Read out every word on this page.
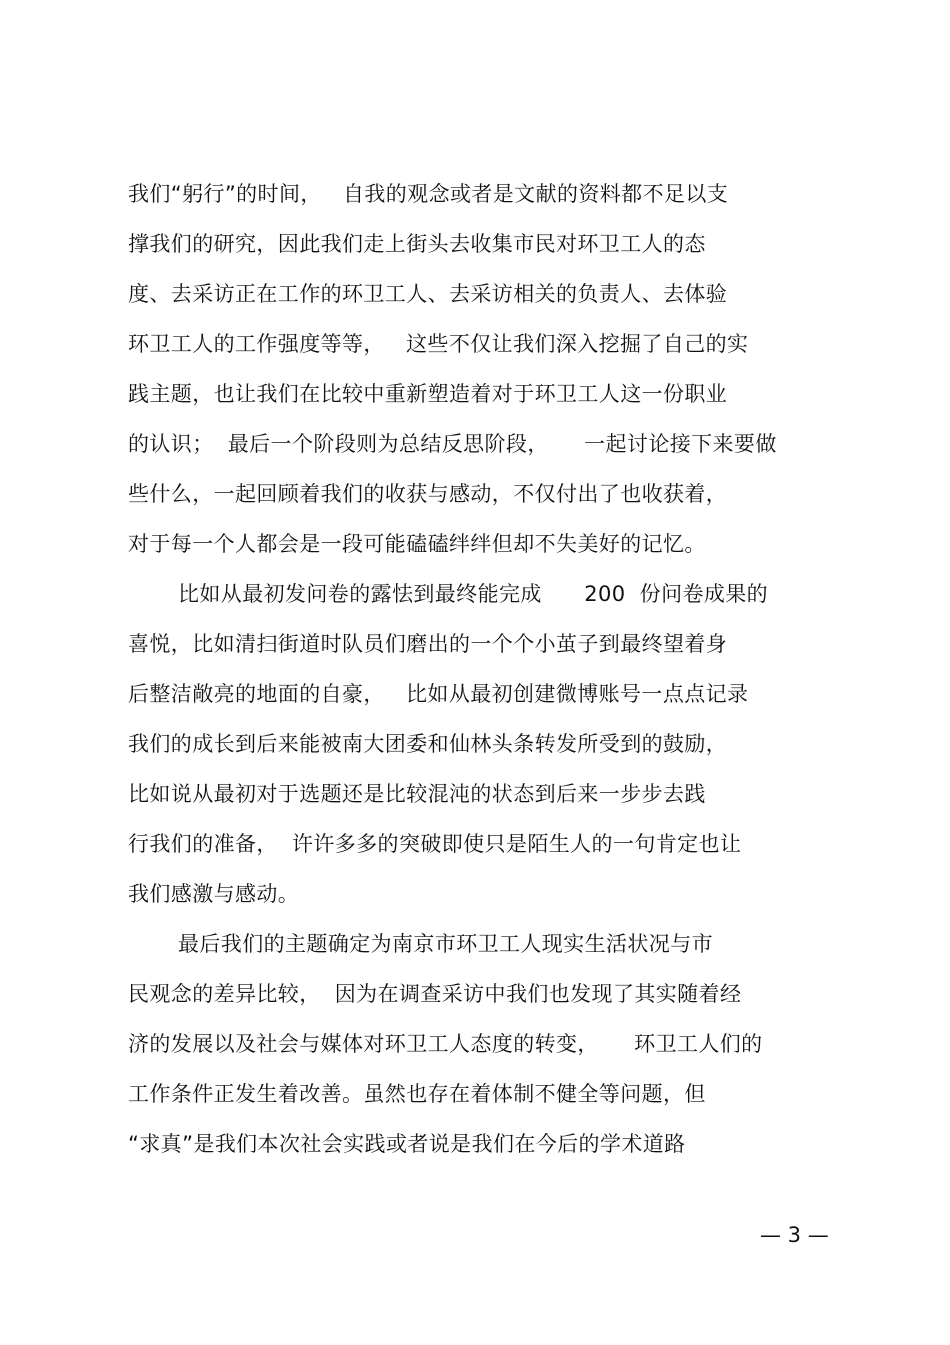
我们“躬行”的时间，   自我的观念或者是文献的资料都不足以支
撑我们的研究，因此我们走上街头去收集市民对环卫工人的态
度、去采访正在工作的环卫工人、去采访相关的负责人、去体验
环卫工人的工作强度等等，   这些不仅让我们深入挖掘了自己的实
践主题，也让我们在比较中重新塑造着对于环卫工人这一份职业
的认识；  最后一个阶段则为总结反思阶段，     一起讨论接下来要做
些什么，一起回顾着我们的收获与感动，不仅付出了也收获着，
对于每一个人都会是一段可能磕磕绊绊但却不失美好的记忆。
比如从最初发问卷的露怯到最终能完成      200  份问卷成果的
喜悦，比如清扫街道时队员们磨出的一个个小茧子到最终望着身
后整洁敞亮的地面的自豪，   比如从最初创建微博账号一点点记录
我们的成长到后来能被南大团委和仙林头条转发所受到的鼓励，
比如说从最初对于选题还是比较混沌的状态到后来一步步去践
行我们的准备，  许许多多的突破即使只是陌生人的一句肯定也让
我们感激与感动。
最后我们的主题确定为南京市环卫工人现实生活状况与市
民观念的差异比较，  因为在调查采访中我们也发现了其实随着经
济的发展以及社会与媒体对环卫工人态度的转变，     环卫工人们的
工作条件正发生着改善。虽然也存在着体制不健全等问题，但
“求真”是我们本次社会实践或者说是我们在今后的学术道路
— 3 —
